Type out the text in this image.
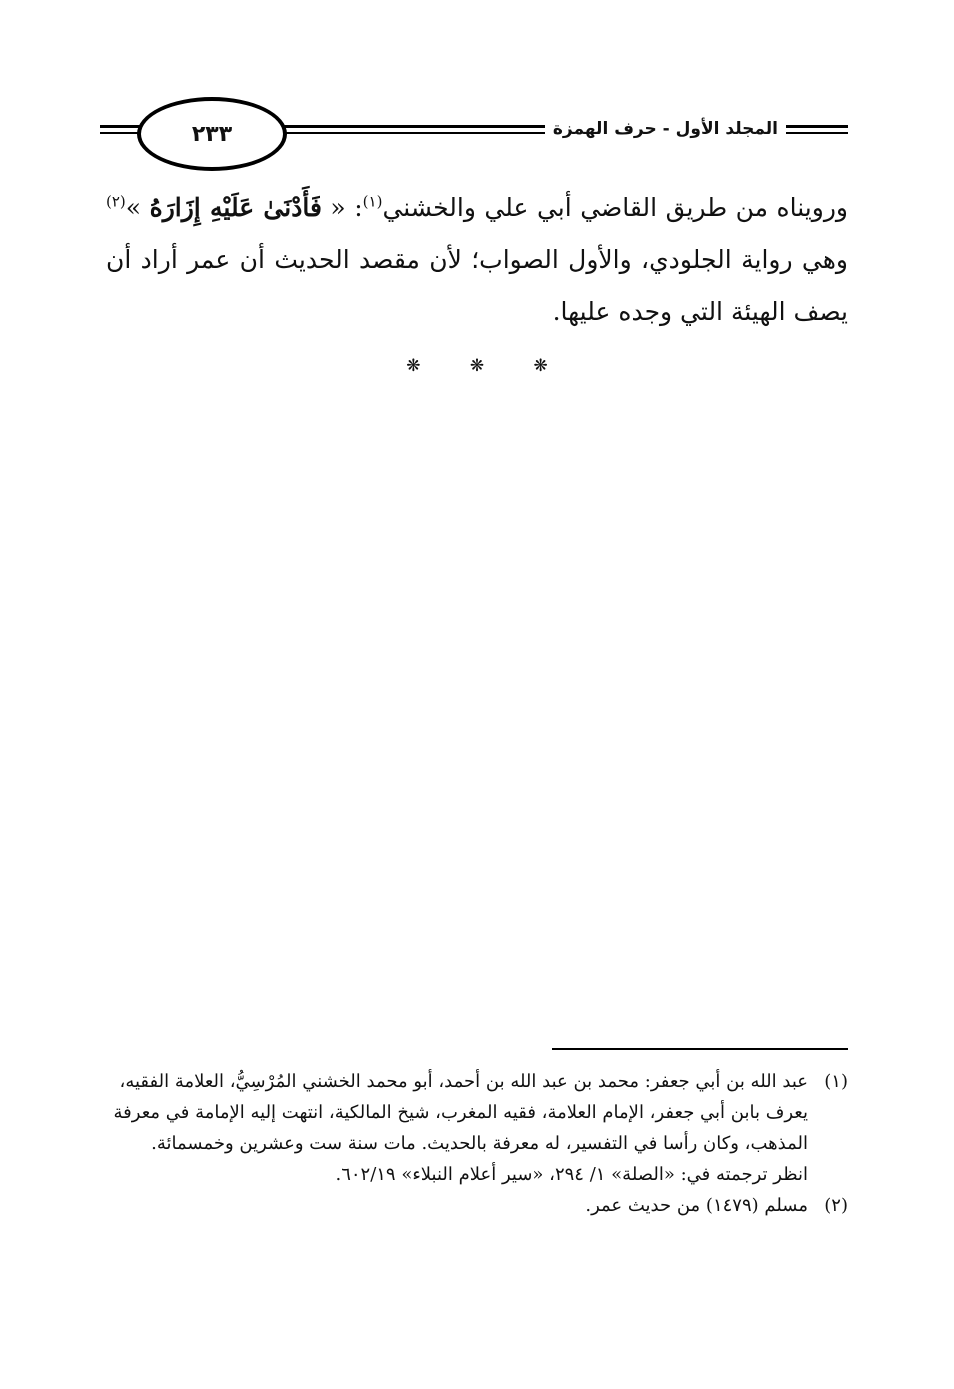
٢٣٣	المجلد الأول - حرف الهمزة

ورويناه من طريق القاضي أبي علي والخشني$^{(١)}$: « فَأَدْنَىٰ عَلَيْهِ إِزَارَهُ »$^{(٢)}$ وهي رواية الجلودي، والأول الصواب؛ لأن مقصد الحديث أن عمر أراد أن يصف الهيئة التي وجده عليها.

❋ ❋ ❋
(١)

عبد الله بن أبي جعفر: محمد بن عبد الله بن أحمد، أبو محمد الخشني المُرْسِيُّ، العلامة الفقيه، يعرف بابن أبي جعفر، الإمام العلامة، فقيه المغرب، شيخ المالكية، انتهت إليه الإمامة في معرفة المذهب، وكان رأسا في التفسير، له معرفة بالحديث. مات سنة ست وعشرين وخمسمائة.

انظر ترجمته في: «الصلة» ١/ ٢٩٤، «سير أعلام النبلاء» ٦٠٢/١٩.

(٢)

مسلم (١٤٧٩) من حديث عمر.
